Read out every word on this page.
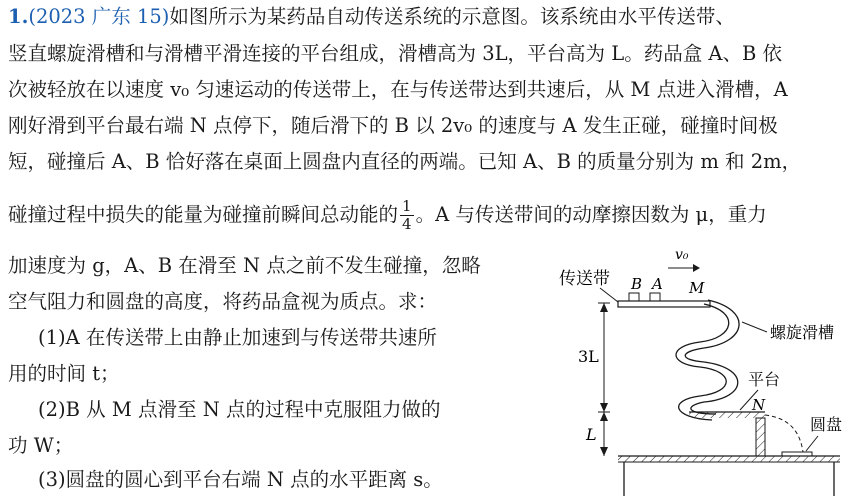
1.(2023 广东 15)如图所示为某药品自动传送系统的示意图。该系统由水平传送带、
竖直螺旋滑槽和与滑槽平滑连接的平台组成，滑槽高为 3L，平台高为 L。药品盒 A、B 依
次被轻放在以速度 v₀ 匀速运动的传送带上，在与传送带达到共速后，从 M 点进入滑槽，A
刚好滑到平台最右端 N 点停下，随后滑下的 B 以 2v₀ 的速度与 A 发生正碰，碰撞时间极
短，碰撞后 A、B 恰好落在桌面上圆盘内直径的两端。已知 A、B 的质量分别为 m 和 2m，
碰撞过程中损失的能量为碰撞前瞬间总动能的 $\frac{1}{4}$ 。A 与传送带间的动摩擦因数为 μ，重力
加速度为 g，A、B 在滑至 N 点之前不发生碰撞，忽略
空气阻力和圆盘的高度，将药品盒视为质点。求：
(1)A 在传送带上由静止加速到与传送带共速所
用的时间 t；
(2)B 从 M 点滑至 N 点的过程中克服阻力做的
功 W；
(3)圆盘的圆心到平台右端 N 点的水平距离 s。
传送带 B A
v₀
M
3L
L
螺旋滑槽
平台
N
圆盘
